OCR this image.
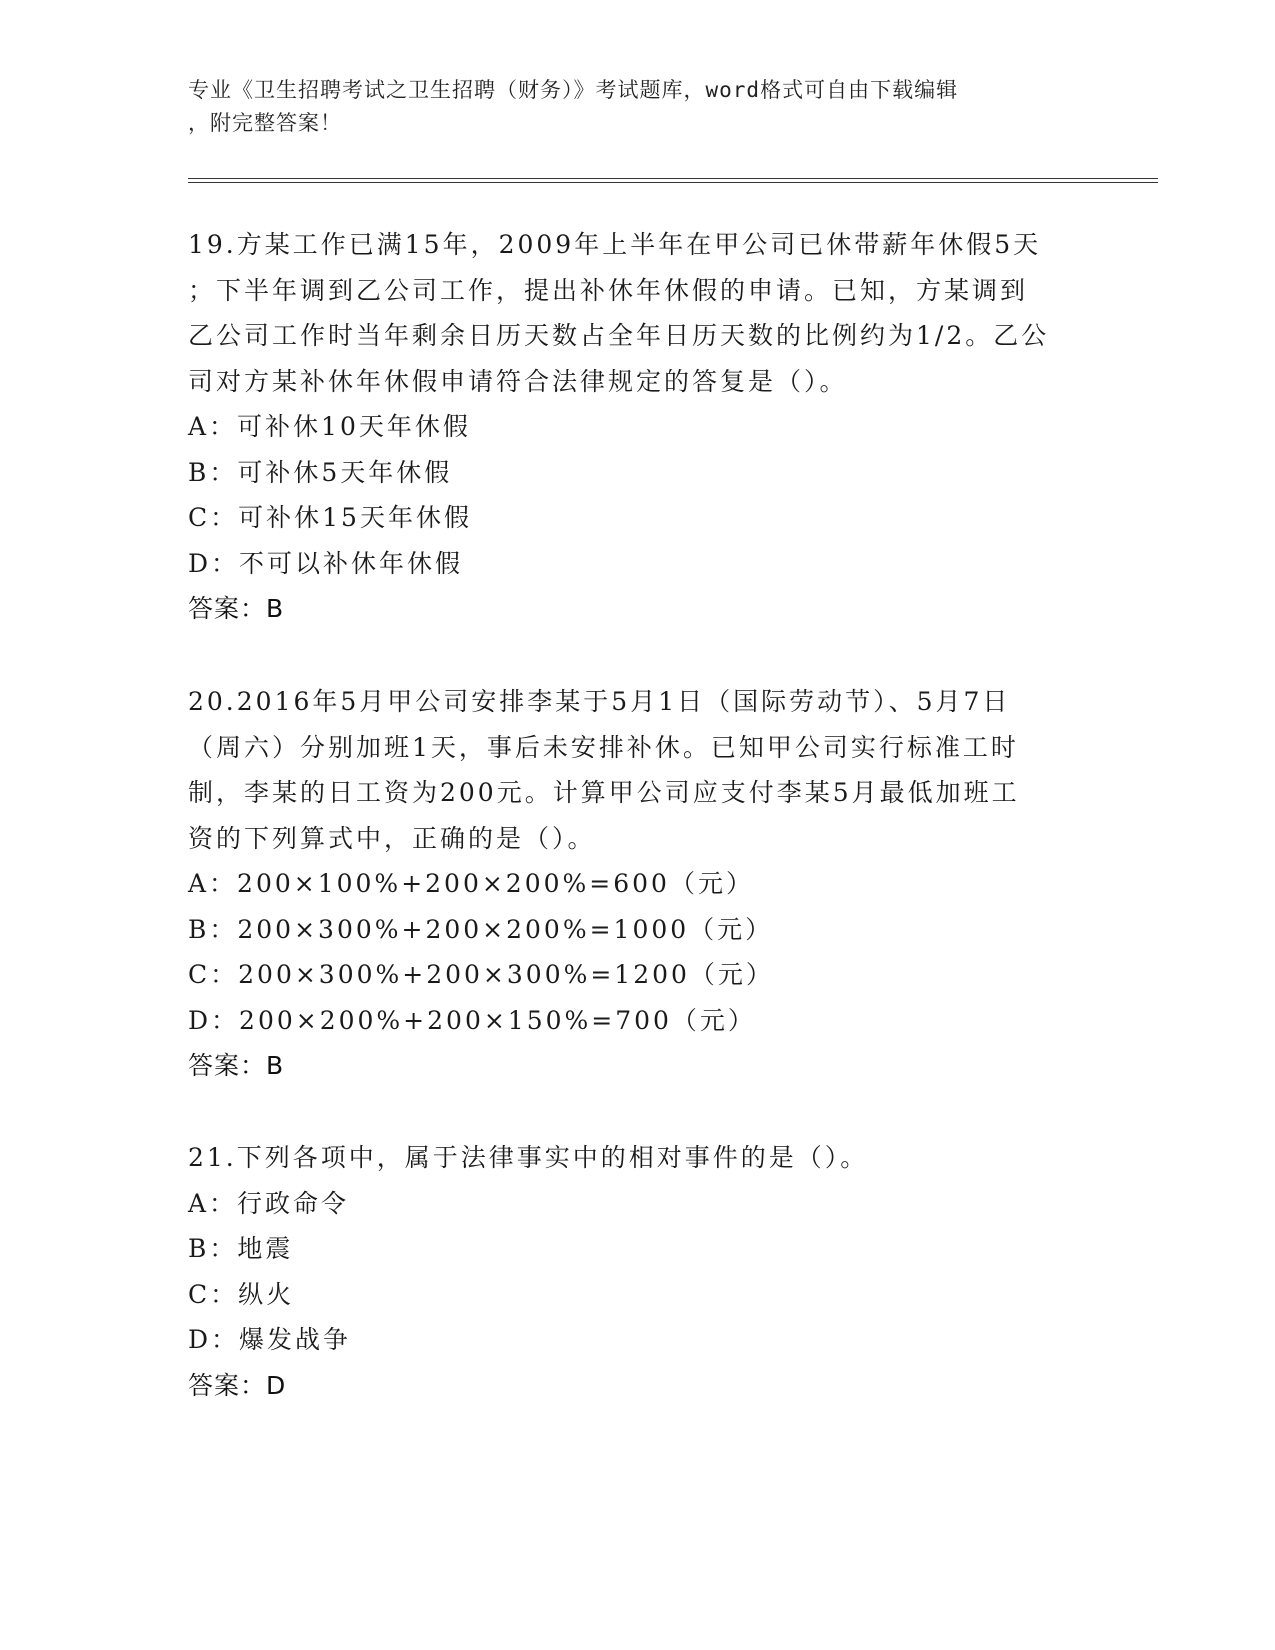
专业《卫生招聘考试之卫生招聘（财务）》考试题库，word格式可自由下载编辑
，附完整答案！
19.方某工作已满15年，2009年上半年在甲公司已休带薪年休假5天
；下半年调到乙公司工作，提出补休年休假的申请。已知，方某调到
乙公司工作时当年剩余日历天数占全年日历天数的比例约为1/2。乙公
司对方某补休年休假申请符合法律规定的答复是（）。
A：可补休10天年休假
B：可补休5天年休假
C：可补休15天年休假
D：不可以补休年休假
答案：B
20.2016年5月甲公司安排李某于5月1日（国际劳动节）、5月7日
（周六）分别加班1天，事后未安排补休。已知甲公司实行标准工时
制，李某的日工资为200元。计算甲公司应支付李某5月最低加班工
资的下列算式中，正确的是（）。
A：200×100%+200×200%=600（元）
B：200×300%+200×200%=1000（元）
C：200×300%+200×300%=1200（元）
D：200×200%+200×150%=700（元）
答案：B
21.下列各项中，属于法律事实中的相对事件的是（）。
A：行政命令
B：地震
C：纵火
D：爆发战争
答案：D
